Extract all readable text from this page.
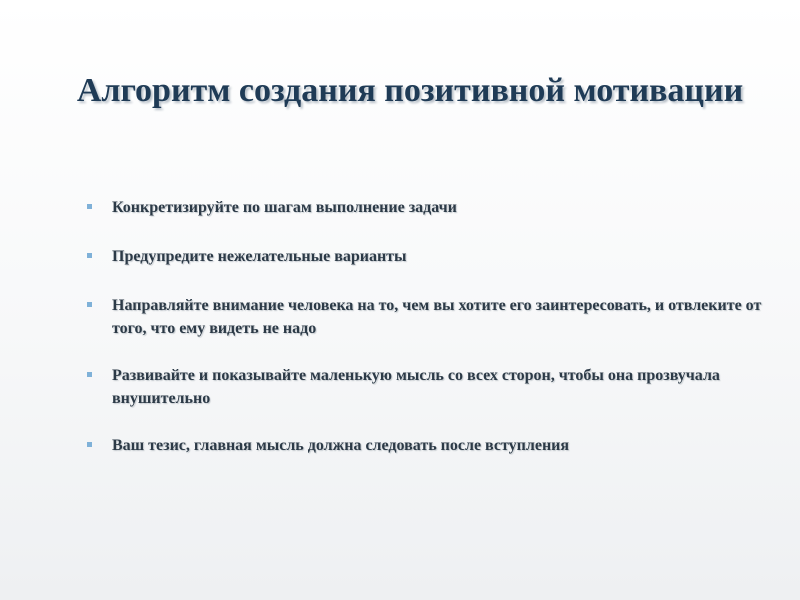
Алгоритм создания позитивной мотивации
Конкретизируйте по шагам выполнение задачи
Предупредите нежелательные варианты
Направляйте внимание человека на то, чем вы хотите его заинтересовать, и отвлеките от того, что ему видеть не надо
Развивайте и показывайте маленькую мысль со всех сторон, чтобы она прозвучала внушительно
Ваш тезис, главная мысль должна следовать после вступления
